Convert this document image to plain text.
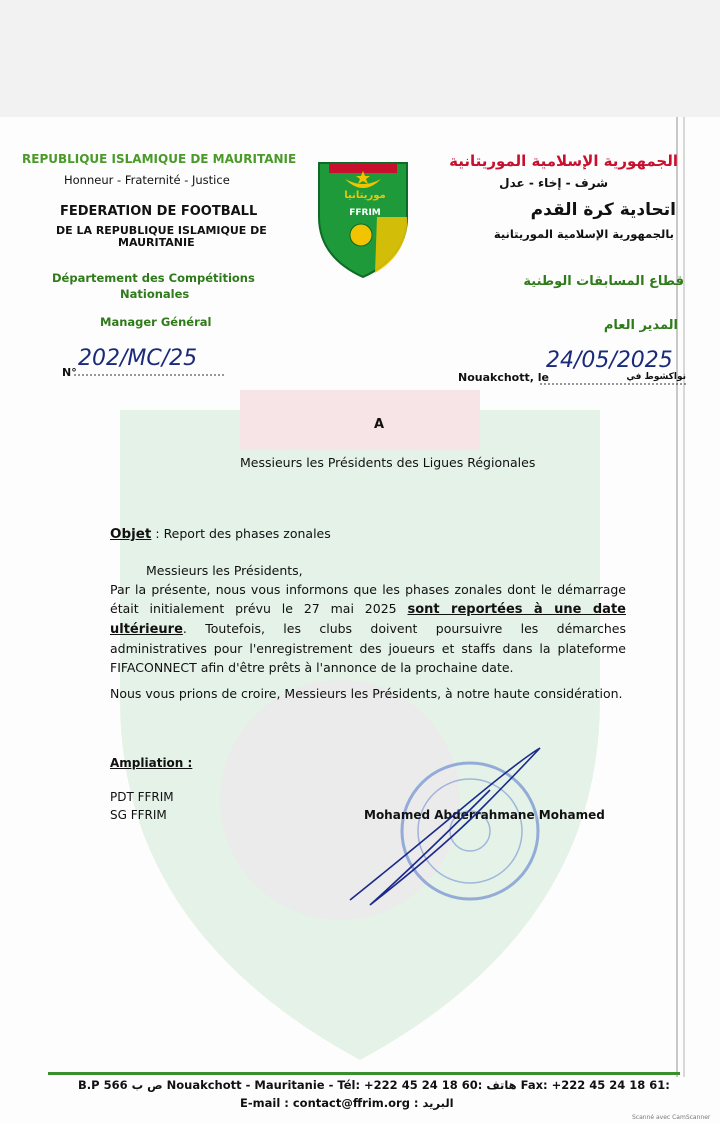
REPUBLIQUE ISLAMIQUE DE MAURITANIE
Honneur - Fraternité - Justice
FEDERATION DE FOOTBALL
DE LA REPUBLIQUE ISLAMIQUE DE
MAURITANIE
Département des Compétitions
Nationales
Manager Général
N°
202/MC/25
موريتانيا
FFRIM
الجمهورية الإسلامية الموريتانية
شرف - إخاء - عدل
اتحادية كرة القدم
بالجمهورية الإسلامية الموريتانية
قطاع المسابقات الوطنية
المدير العام
Nouakchott, le
24/05/2025
نواكشوط في
A
Messieurs les Présidents des Ligues Régionales
Objet : Report des phases zonales
Messieurs les Présidents,
Par la présente, nous vous informons que les phases zonales dont le démarrage était initialement prévu le 27 mai 2025 sont reportées à une date ultérieure. Toutefois, les clubs doivent poursuivre les démarches administratives pour l'enregistrement des joueurs et staffs dans la plateforme FIFACONNECT afin d'être prêts à l'annonce de la prochaine date.
Nous vous prions de croire, Messieurs les Présidents, à notre haute considération.
Ampliation :
PDT FFRIM
SG FFRIM	Mohamed Abderrahmane Mohamed
B.P 566 ص ب Nouakchott - Mauritanie - Tél: +222 45 24 18 60: هاتف Fax: +222 45 24 18 61:
E-mail : contact@ffrim.org : البريد
Scanné avec CamScanner
